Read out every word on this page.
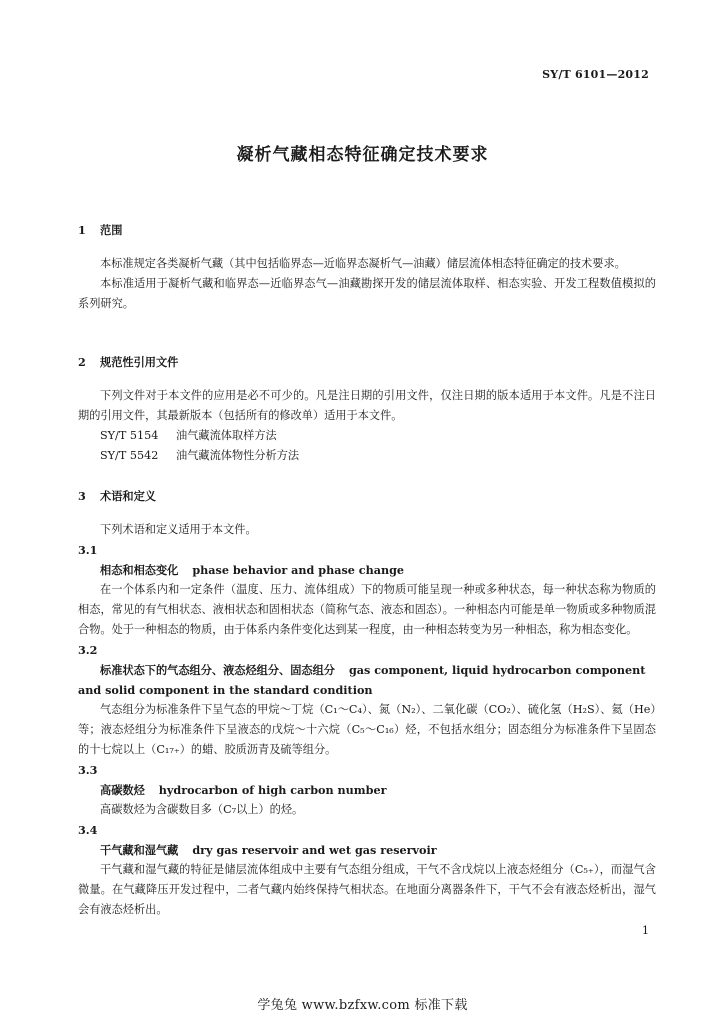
SY/T 6101—2012
凝析气藏相态特征确定技术要求
1 范围

本标准规定各类凝析气藏（其中包括临界态—近临界态凝析气—油藏）储层流体相态特征确定的技术要求。

本标准适用于凝析气藏和临界态—近临界态气—油藏勘探开发的储层流体取样、相态实验、开发工程数值模拟的系列研究。

2 规范性引用文件

下列文件对于本文件的应用是必不可少的。凡是注日期的引用文件，仅注日期的版本适用于本文件。凡是不注日期的引用文件，其最新版本（包括所有的修改单）适用于本文件。

SY/T 5154 油气藏流体取样方法
SY/T 5542 油气藏流体物性分析方法
3 术语和定义

下列术语和定义适用于本文件。

3.1
相态和相态变化 phase behavior and phase change

在一个体系内和一定条件（温度、压力、流体组成）下的物质可能呈现一种或多种状态，每一种状态称为物质的相态，常见的有气相状态、液相状态和固相状态（简称气态、液态和固态）。一种相态内可能是单一物质或多种物质混合物。处于一种相态的物质，由于体系内条件变化达到某一程度，由一种相态转变为另一种相态，称为相态变化。

3.2
标准状态下的气态组分、液态烃组分、固态组分 gas component, liquid hydrocarbon component
and solid component in the standard condition

气态组分为标准条件下呈气态的甲烷～丁烷（C₁～C₄）、氮（N₂）、二氧化碳（CO₂）、硫化氢（H₂S）、氦（He）等；液态烃组分为标准条件下呈液态的戊烷～十六烷（C₅～C₁₆）烃，不包括水组分；固态组分为标准条件下呈固态的十七烷以上（C₁₇₊）的蜡、胶质沥青及硫等组分。

3.3
高碳数烃 hydrocarbon of high carbon number

高碳数烃为含碳数目多（C₇以上）的烃。

3.4
干气藏和湿气藏 dry gas reservoir and wet gas reservoir

干气藏和湿气藏的特征是储层流体组成中主要有气态组分组成，干气不含戊烷以上液态烃组分（C₅₊），而湿气含微量。在气藏降压开发过程中，二者气藏内始终保持气相状态。在地面分离器条件下，干气不会有液态烃析出，湿气会有液态烃析出。

1
学兔兔 www.bzfxw.com 标准下载
